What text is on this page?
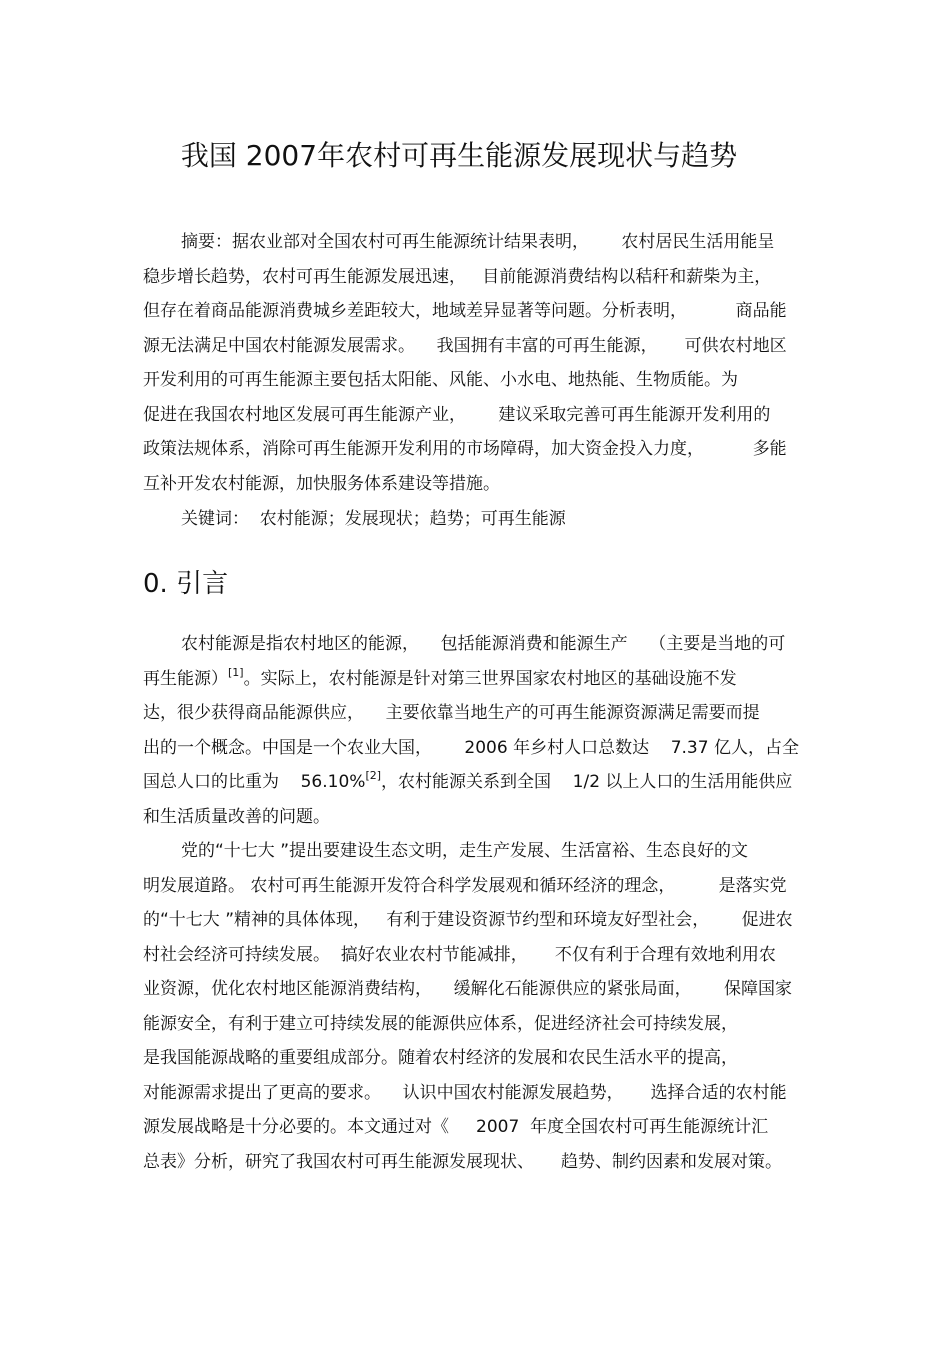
我国 2007年农村可再生能源发展现状与趋势
摘要：据农业部对全国农村可再生能源统计结果表明，      农村居民生活用能呈
稳步增长趋势，农村可再生能源发展迅速，   目前能源消费结构以秸秆和薪柴为主，
但存在着商品能源消费城乡差距较大，地域差异显著等问题。分析表明，         商品能
源无法满足中国农村能源发展需求。    我国拥有丰富的可再生能源，     可供农村地区
开发利用的可再生能源主要包括太阳能、风能、小水电、地热能、生物质能。为
促进在我国农村地区发展可再生能源产业，      建议采取完善可再生能源开发利用的
政策法规体系，消除可再生能源开发利用的市场障碍，加大资金投入力度，         多能
互补开发农村能源，加快服务体系建设等措施。
关键词：  农村能源；发展现状；趋势；可再生能源
0. 引言
农村能源是指农村地区的能源，    包括能源消费和能源生产    （主要是当地的可
再生能源）[1]。实际上，农村能源是针对第三世界国家农村地区的基础设施不发
达，很少获得商品能源供应，    主要依靠当地生产的可再生能源资源满足需要而提
出的一个概念。中国是一个农业大国，      2006 年乡村人口总数达    7.37 亿人，占全
国总人口的比重为    56.10%[2]，农村能源关系到全国    1/2 以上人口的生活用能供应
和生活质量改善的问题。
党的“十七大 ”提出要建设生态文明，走生产发展、生活富裕、生态良好的文
明发展道路。 农村可再生能源开发符合科学发展观和循环经济的理念，        是落实党
的“十七大 ”精神的具体体现，   有利于建设资源节约型和环境友好型社会，      促进农
村社会经济可持续发展。  搞好农业农村节能减排，     不仅有利于合理有效地利用农
业资源，优化农村地区能源消费结构，    缓解化石能源供应的紧张局面，      保障国家
能源安全，有利于建立可持续发展的能源供应体系，促进经济社会可持续发展，
是我国能源战略的重要组成部分。随着农村经济的发展和农民生活水平的提高，
对能源需求提出了更高的要求。    认识中国农村能源发展趋势，     选择合适的农村能
源发展战略是十分必要的。本文通过对《     2007  年度全国农村可再生能源统计汇
总表》分析，研究了我国农村可再生能源发展现状、     趋势、制约因素和发展对策。
